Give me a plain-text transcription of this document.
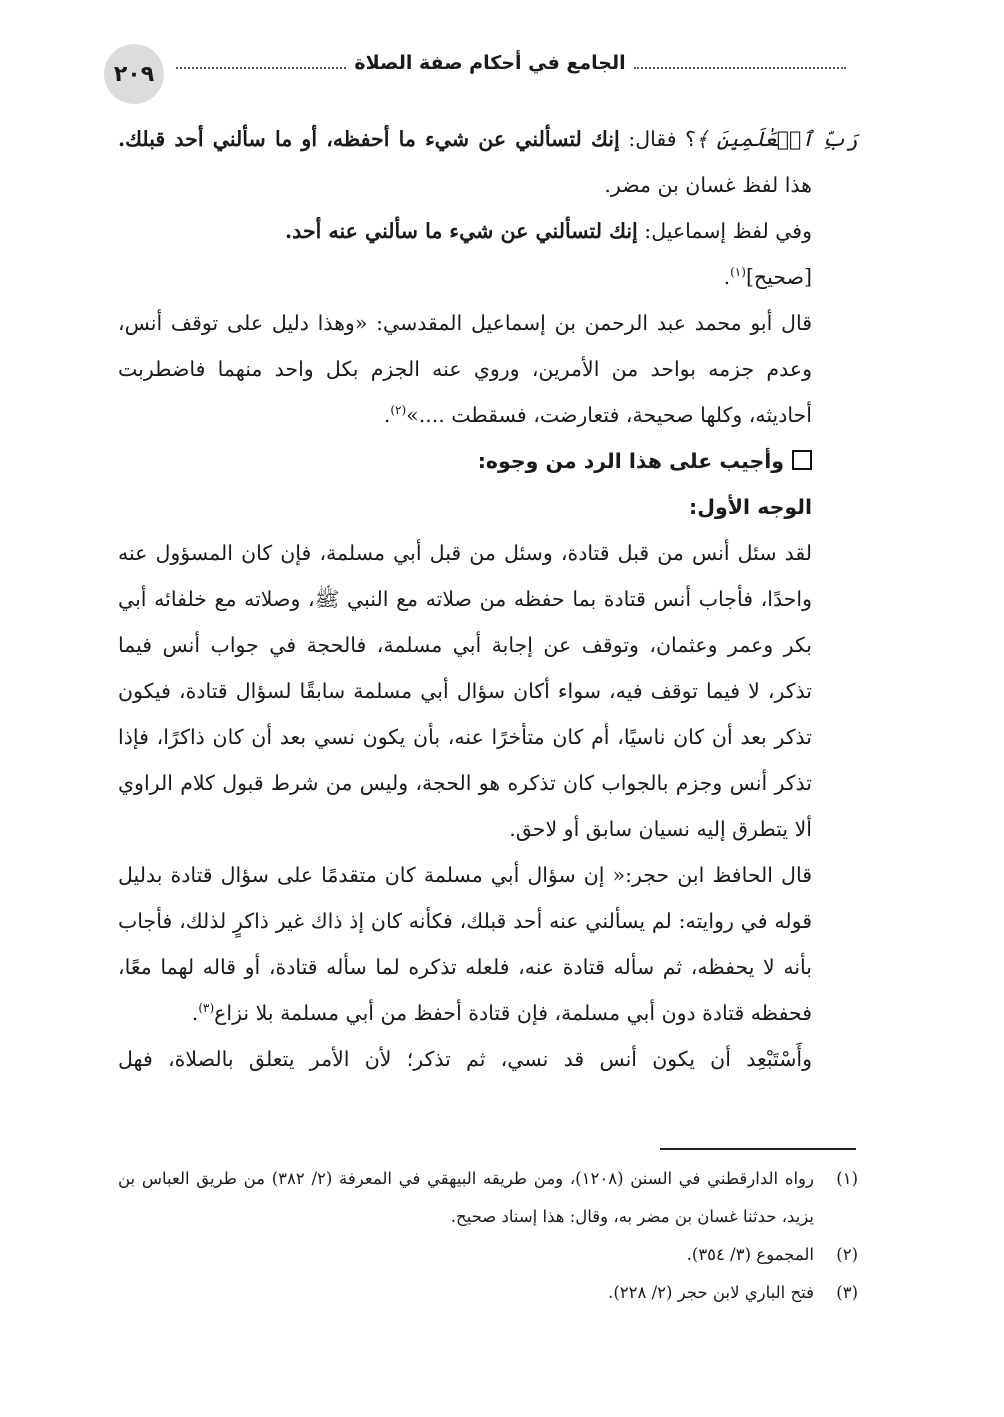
٢٠٩	الجامع في أحكام صفة الصلاة

رَبِّ ٱلۡعَٰلَمِينَ ﴾؟ فقال: إنك لتسألني عن شيء ما أحفظه، أو ما سألني أحد قبلك.

هذا لفظ غسان بن مضر.

وفي لفظ إسماعيل: إنك لتسألني عن شيء ما سألني عنه أحد.

[صحيح]$^{(١)}$.

قال أبو محمد عبد الرحمن بن إسماعيل المقدسي: «وهذا دليل على توقف أنس، وعدم جزمه بواحد من الأمرين، وروي عنه الجزم بكل واحد منهما فاضطربت أحاديثه، وكلها صحيحة، فتعارضت، فسقطت ....»$^{(٢)}$.

وأجيب على هذا الرد من وجوه:

الوجه الأول:

لقد سئل أنس من قبل قتادة، وسئل من قبل أبي مسلمة، فإن كان المسؤول عنه واحدًا، فأجاب أنس قتادة بما حفظه من صلاته مع النبي ﷺ، وصلاته مع خلفائه أبي بكر وعمر وعثمان، وتوقف عن إجابة أبي مسلمة، فالحجة في جواب أنس فيما تذكر، لا فيما توقف فيه، سواء أكان سؤال أبي مسلمة سابقًا لسؤال قتادة، فيكون تذكر بعد أن كان ناسيًا، أم كان متأخرًا عنه، بأن يكون نسي بعد أن كان ذاكرًا، فإذا تذكر أنس وجزم بالجواب كان تذكره هو الحجة، وليس من شرط قبول كلام الراوي ألا يتطرق إليه نسيان سابق أو لاحق.

قال الحافظ ابن حجر:« إن سؤال أبي مسلمة كان متقدمًا على سؤال قتادة بدليل قوله في روايته: لم يسألني عنه أحد قبلك، فكأنه كان إذ ذاك غير ذاكرٍ لذلك، فأجاب بأنه لا يحفظه، ثم سأله قتادة عنه، فلعله تذكره لما سأله قتادة، أو قاله لهما معًا، فحفظه قتادة دون أبي مسلمة، فإن قتادة أحفظ من أبي مسلمة بلا نزاع$^{(٣)}$.

وأَسْتَبْعِد أن يكون أنس قد نسي، ثم تذكر؛ لأن الأمر يتعلق بالصلاة، فهل

(١)
رواه الدارقطني في السنن (١٢٠٨)، ومن طريقه البيهقي في المعرفة (٢/ ٣٨٢) من طريق العباس بن يزيد، حدثنا غسان بن مضر به، وقال: هذا إسناد صحيح.
(٢)
المجموع (٣/ ٣٥٤).
(٣)
فتح الباري لابن حجر (٢/ ٢٢٨).
